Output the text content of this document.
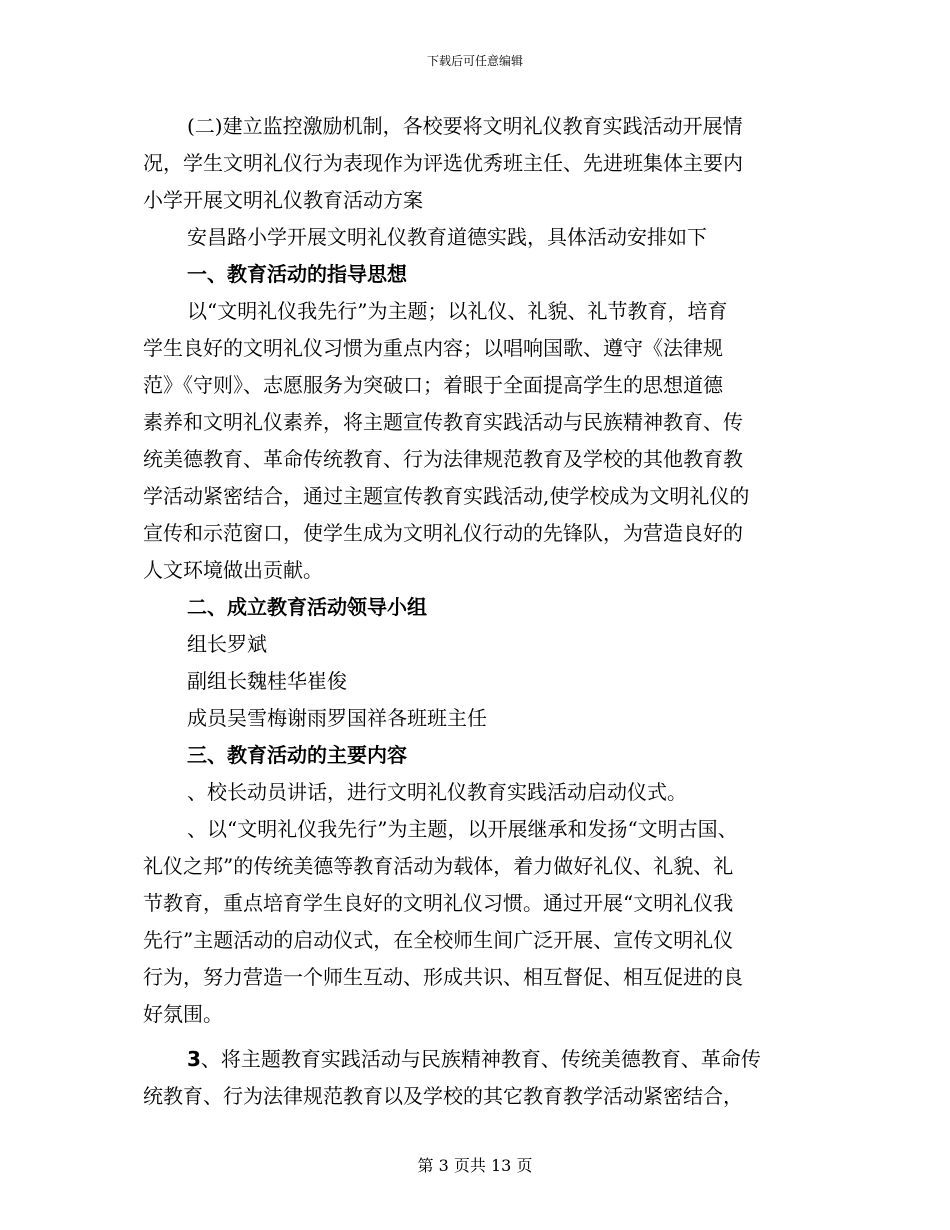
下载后可任意编辑
(二)建立监控激励机制，各校要将文明礼仪教育实践活动开展情
况，学生文明礼仪行为表现作为评选优秀班主任、先进班集体主要内
小学开展文明礼仪教育活动方案
安昌路小学开展文明礼仪教育道德实践，具体活动安排如下
一、教育活动的指导思想
以“文明礼仪我先行”为主题；以礼仪、礼貌、礼节教育，培育
学生良好的文明礼仪习惯为重点内容；以唱响国歌、遵守《法律规
范》《守则》、志愿服务为突破口；着眼于全面提高学生的思想道德
素养和文明礼仪素养，将主题宣传教育实践活动与民族精神教育、传
统美德教育、革命传统教育、行为法律规范教育及学校的其他教育教
学活动紧密结合，通过主题宣传教育实践活动,使学校成为文明礼仪的
宣传和示范窗口，使学生成为文明礼仪行动的先锋队，为营造良好的
人文环境做出贡献。
二、成立教育活动领导小组
组长罗斌
副组长魏桂华崔俊
成员吴雪梅谢雨罗国祥各班班主任
三、教育活动的主要内容
、校长动员讲话，进行文明礼仪教育实践活动启动仪式。
、以“文明礼仪我先行”为主题，以开展继承和发扬“文明古国、
礼仪之邦”的传统美德等教育活动为载体，着力做好礼仪、礼貌、礼
节教育，重点培育学生良好的文明礼仪习惯。通过开展“文明礼仪我
先行”主题活动的启动仪式，在全校师生间广泛开展、宣传文明礼仪
行为，努力营造一个师生互动、形成共识、相互督促、相互促进的良
好氛围。
3、将主题教育实践活动与民族精神教育、传统美德教育、革命传
统教育、行为法律规范教育以及学校的其它教育教学活动紧密结合，
第 3 页共 13 页
